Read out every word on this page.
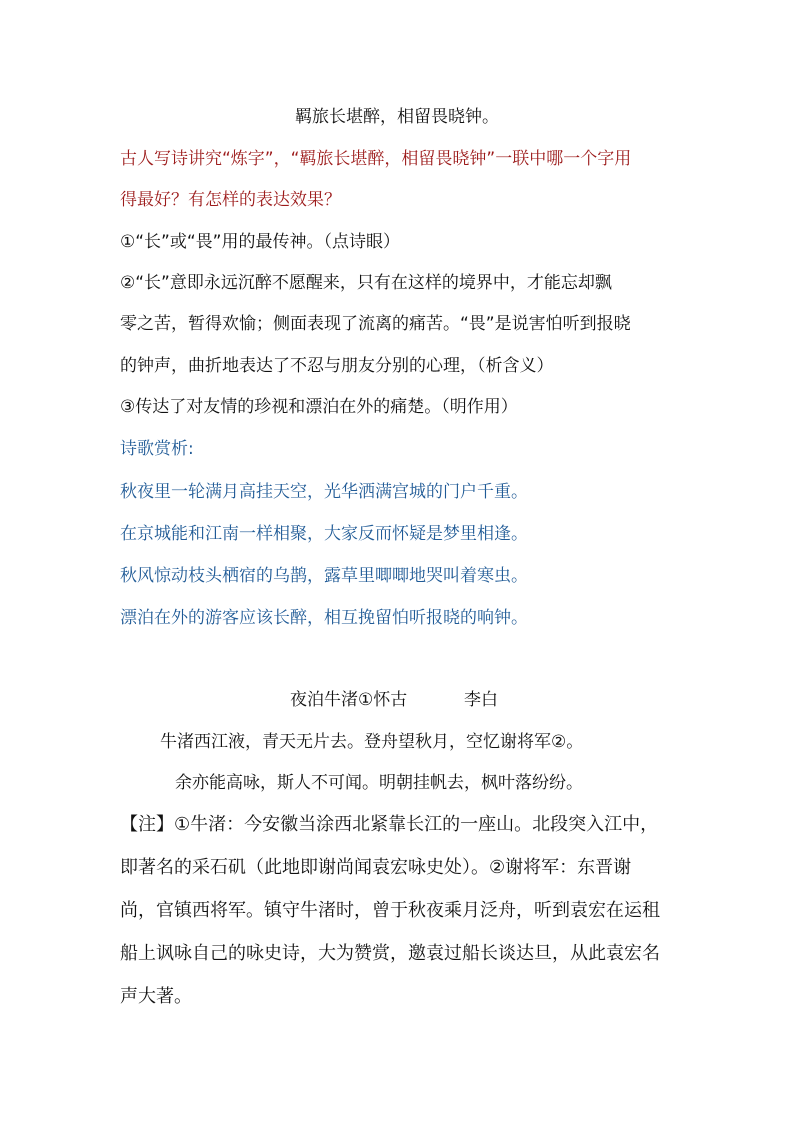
羁旅长堪醉，相留畏晓钟。
古人写诗讲究“炼字”，“羁旅长堪醉，相留畏晓钟”一联中哪一个字用
得最好？有怎样的表达效果？
①“长”或“畏”用的最传神。（点诗眼）
②“长”意即永远沉醉不愿醒来，只有在这样的境界中，才能忘却飘
零之苦，暂得欢愉；侧面表现了流离的痛苦。“畏”是说害怕听到报晓
的钟声，曲折地表达了不忍与朋友分别的心理，（析含义）
③传达了对友情的珍视和漂泊在外的痛楚。（明作用）
诗歌赏析:
秋夜里一轮满月高挂天空，光华洒满宫城的门户千重。
在京城能和江南一样相聚，大家反而怀疑是梦里相逢。
秋风惊动枝头栖宿的乌鹊，露草里唧唧地哭叫着寒虫。
漂泊在外的游客应该长醉，相互挽留怕听报晓的响钟。
夜泊牛渚①怀古	李白
牛渚西江液，青天无片去。登舟望秋月，空忆谢将军②。
余亦能高咏，斯人不可闻。明朝挂帆去，枫叶落纷纷。
【注】①牛渚：今安徽当涂西北紧靠长江的一座山。北段突入江中，
即著名的采石矶（此地即谢尚闻袁宏咏史处）。②谢将军：东晋谢
尚，官镇西将军。镇守牛渚时，曾于秋夜乘月泛舟，听到袁宏在运租
船上讽咏自己的咏史诗，大为赞赏，邀袁过船长谈达旦，从此袁宏名
声大著。
